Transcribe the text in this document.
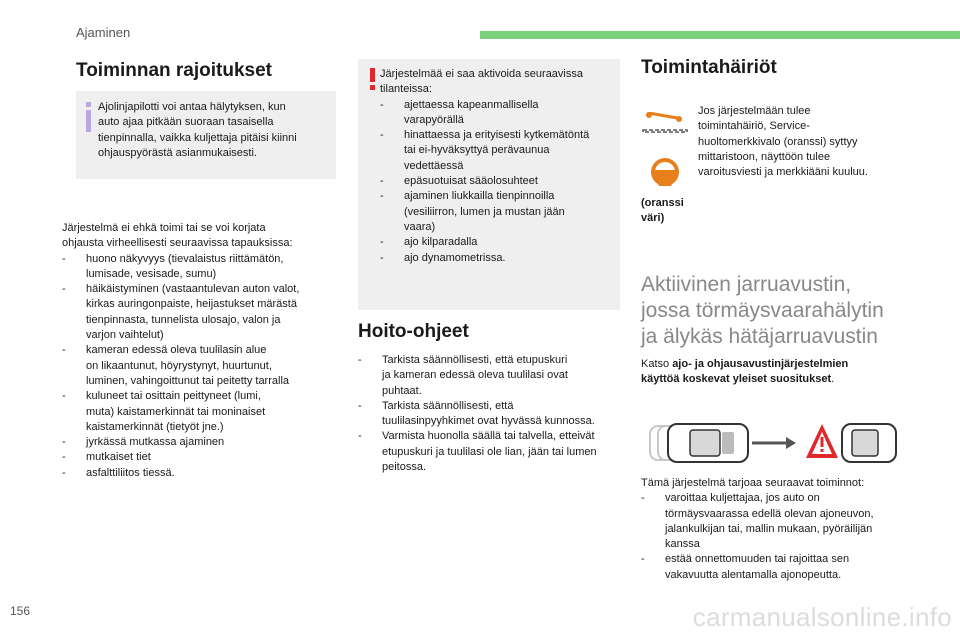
Ajaminen
Toiminnan rajoitukset
Ajolinjapilotti voi antaa hälytyksen, kun
auto ajaa pitkään suoraan tasaisella
tienpinnalla, vaikka kuljettaja pitäisi kiinni
ohjauspyörästä asianmukaisesti.
Järjestelmä ei ehkä toimi tai se voi korjata
ohjausta virheellisesti seuraavissa tapauksissa:
- huono näkyvyys (tievalaistus riittämätön,
lumisade, vesisade, sumu)
- häikäistyminen (vastaantulevan auton valot,
kirkas auringonpaiste, heijastukset märästä
tienpinnasta, tunnelista ulosajo, valon ja
varjon vaihtelut)
- kameran edessä oleva tuulilasin alue
on likaantunut, höyrystynyt, huurtunut,
luminen, vahingoittunut tai peitetty tarralla
- kuluneet tai osittain peittyneet (lumi,
muta) kaistamerkinnät tai moninaiset
kaistamerkinnät (tietyöt jne.)
- jyrkässä mutkassa ajaminen
- mutkaiset tiet
- asfalttiliitos tiessä.
Järjestelmää ei saa aktivoida seuraavissa
tilanteissa:
- ajettaessa kapeanmallisella
varapyörällä
- hinattaessa ja erityisesti kytkemätöntä
tai ei-hyväksyttyä perävaunua
vedettäessä
- epäsuotuisat sääolosuhteet
- ajaminen liukkailla tienpinnoilla
(vesiliirron, lumen ja mustan jään
vaara)
- ajo kilparadalla
- ajo dynamometrissa.
Hoito-ohjeet
- Tarkista säännöllisesti, että etupuskuri
ja kameran edessä oleva tuulilasi ovat
puhtaat.
- Tarkista säännöllisesti, että
tuulilasinpyyhkimet ovat hyvässä kunnossa.
- Varmista huonolla säällä tai talvella, etteivät
etupuskuri ja tuulilasi ole lian, jään tai lumen
peitossa.
Toimintahäiriöt
(oranssi
väri)
Jos järjestelmään tulee
toimintahäiriö, Service-
huoltomerkkivalo (oranssi) syttyy
mittaristoon, näyttöön tulee
varoitusviesti ja merkkiääni kuuluu.
Aktiivinen jarruavustin,
jossa törmäysvaarahälytin
ja älykäs hätäjarruavustin
Katso ajo- ja ohjausavustinjärjestelmien
käyttöä koskevat yleiset suositukset.
Tämä järjestelmä tarjoaa seuraavat toiminnot:
- varoittaa kuljettajaa, jos auto on
törmäysvaarassa edellä olevan ajoneuvon,
jalankulkijan tai, mallin mukaan, pyöräilijän
kanssa
- estää onnettomuuden tai rajoittaa sen
vakavuutta alentamalla ajonopeutta.
156	carmanualsonline.info
